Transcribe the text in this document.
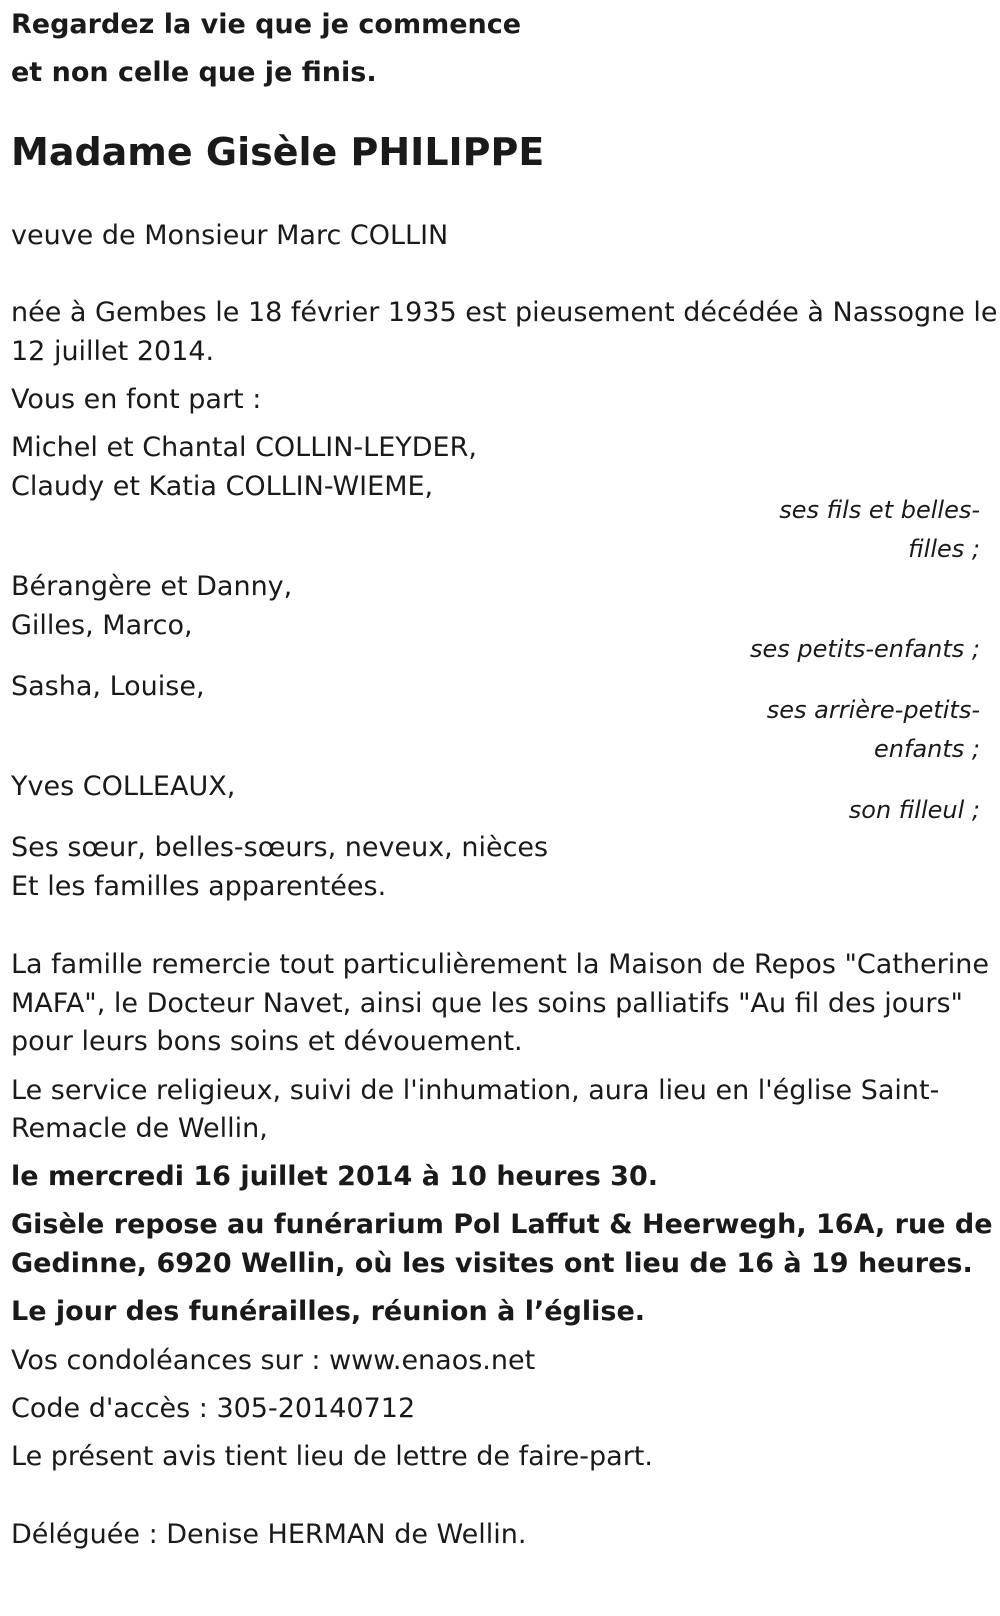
Regardez la vie que je commence

et non celle que je finis.

Madame Gisèle PHILIPPE

veuve de Monsieur Marc COLLIN

née à Gembes le 18 février 1935 est pieusement décédée à Nassogne le

12 juillet 2014.

Vous en font part :

Michel et Chantal COLLIN-LEYDER,

Claudy et Katia COLLIN-WIEME,

ses fils et belles-

filles ;

Bérangère et Danny,

Gilles, Marco,

ses petits-enfants ;

Sasha, Louise,

ses arrière-petits-

enfants ;

Yves COLLEAUX,

son filleul ;

Ses sœur, belles-sœurs, neveux, nièces

Et les familles apparentées.

La famille remercie tout particulièrement la Maison de Repos "Catherine

MAFA", le Docteur Navet, ainsi que les soins palliatifs "Au fil des jours"

pour leurs bons soins et dévouement.

Le service religieux, suivi de l'inhumation, aura lieu en l'église Saint-

Remacle de Wellin,

le mercredi 16 juillet 2014 à 10 heures 30.

Gisèle repose au funérarium Pol Laffut & Heerwegh, 16A, rue de

Gedinne, 6920 Wellin, où les visites ont lieu de 16 à 19 heures.

Le jour des funérailles, réunion à l’église.

Vos condoléances sur : www.enaos.net

Code d'accès : 305-20140712

Le présent avis tient lieu de lettre de faire-part.

Déléguée : Denise HERMAN de Wellin.
